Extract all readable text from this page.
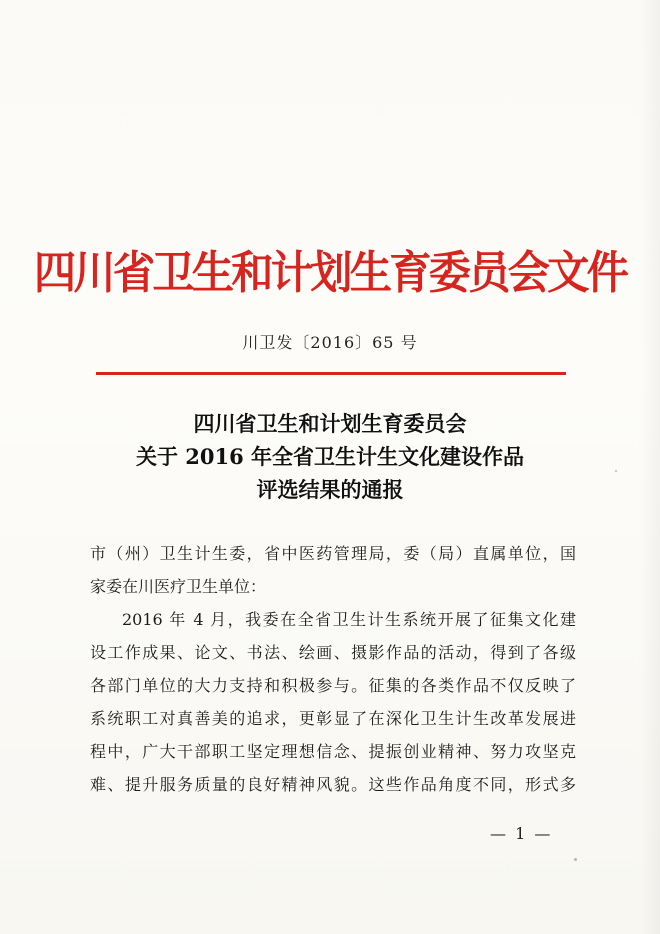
四川省卫生和计划生育委员会文件
川卫发〔2016〕65 号
四川省卫生和计划生育委员会
关于 2016 年全省卫生计生文化建设作品
评选结果的通报
市（州）卫生计生委，省中医药管理局，委（局）直属单位，国
家委在川医疗卫生单位：
2016 年 4 月，我委在全省卫生计生系统开展了征集文化建
设工作成果、论文、书法、绘画、摄影作品的活动，得到了各级
各部门单位的大力支持和积极参与。征集的各类作品不仅反映了
系统职工对真善美的追求，更彰显了在深化卫生计生改革发展进
程中，广大干部职工坚定理想信念、提振创业精神、努力攻坚克
难、提升服务质量的良好精神风貌。这些作品角度不同，形式多
— 1 —
